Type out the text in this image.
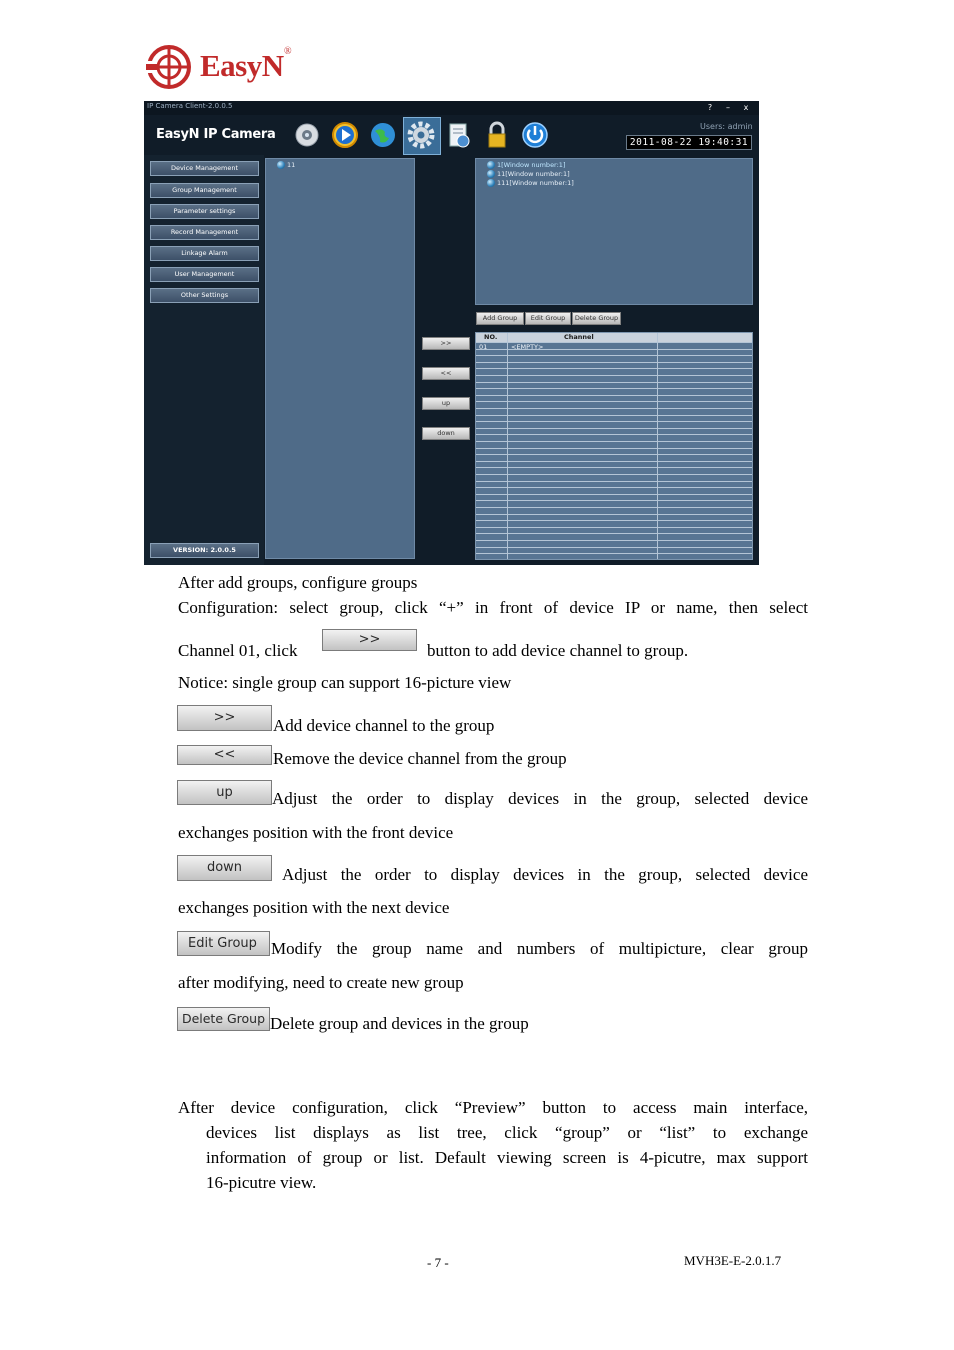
EasyN ®
IP Camera Client-2.0.0.5	?	–	x
EasyN IP Camera
Users: admin
2011-08-22 19:40:31
Device Management
Group Management
Parameter settings
Record Management
Linkage Alarm
User Management
Other Settings
VERSION: 2.0.0.5
11
>>
<<
up
down
1[Window number:1]
11[Window number:1]
111[Window number:1]
Add Group	Edit Group	Delete Group
NO.	Channel
01	<EMPTY>
After add groups, configure groups
Configuration: select group, click “+” in front of device IP or name, then select
Channel 01, click
>>
button to add device channel to group.
Notice: single group can support 16-picture view
>>	Add device channel to the group
<<	Remove the device channel from the group
up	Adjust the order to display devices in the group, selected device
exchanges position with the front device
down	Adjust the order to display devices in the group, selected device
exchanges position with the next device
Edit Group Modify the group name and numbers of multipicture, clear group
after modifying, need to create new group
Delete Group Delete group and devices in the group
After device configuration, click “Preview” button to access main interface,
devices list displays as list tree, click “group” or “list” to exchange
information of group or list. Default viewing screen is 4-picutre, max support
16-picutre view.
- 7 -	MVH3E-E-2.0.1.7
